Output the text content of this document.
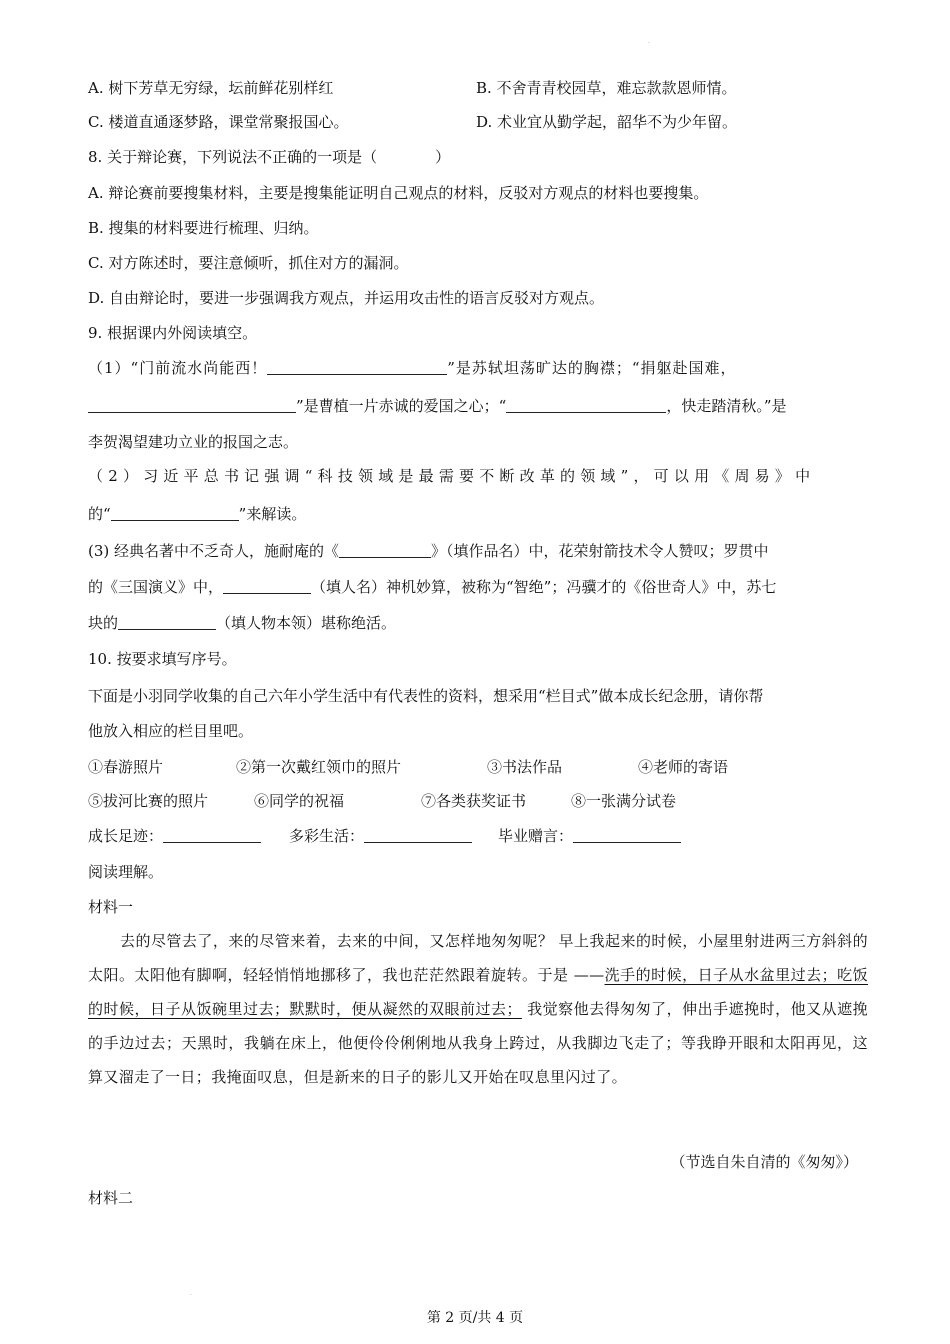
·
A. 树下芳草无穷绿，坛前鲜花别样红	B. 不舍青青校园草，难忘款款恩师情。
C. 楼道直通逐梦路，课堂常聚报国心。	D. 术业宜从勤学起，韶华不为少年留。
8. 关于辩论赛，下列说法不正确的一项是（	）
A. 辩论赛前要搜集材料，主要是搜集能证明自己观点的材料，反驳对方观点的材料也要搜集。
B. 搜集的材料要进行梳理、归纳。
C. 对方陈述时，要注意倾听，抓住对方的漏洞。
D. 自由辩论时，要进一步强调我方观点，并运用攻击性的语言反驳对方观点。
9. 根据课内外阅读填空。
（1）“门前流水尚能西！	”是苏轼坦荡旷达的胸襟；“捐躯赴国难，
”是曹植一片赤诚的爱国之心；“	，快走踏清秋。”是
李贺渴望建功立业的报国之志。
（2）习近平总书记强调“科技领域是最需要不断改革的领域”，可以用《周易》中
的“	”来解读。
(3) 经典名著中不乏奇人，施耐庵的《	》（填作品名）中，花荣射箭技术令人赞叹；罗贯中
的《三国演义》中，	（填人名）神机妙算，被称为“智绝”；冯骥才的《俗世奇人》中，苏七
块的	（填人物本领）堪称绝活。
10. 按要求填写序号。
下面是小羽同学收集的自己六年小学生活中有代表性的资料，想采用“栏目式”做本成长纪念册，请你帮
他放入相应的栏目里吧。
①春游照片	②第一次戴红领巾的照片	③书法作品	④老师的寄语
⑤拔河比赛的照片	⑥同学的祝福	⑦各类获奖证书	⑧一张满分试卷
成长足迹：	多彩生活：	毕业赠言：
阅读理解。
材料一
去的尽管去了，来的尽管来着，去来的中间，又怎样地匆匆呢？ 早上我起来的时候，小屋里射进两三方斜斜的太阳。太阳他有脚啊，轻轻悄悄地挪移了，我也茫茫然跟着旋转。于是 ——洗手的时候，日子从水盆里过去；吃饭的时候，日子从饭碗里过去；默默时，便从凝然的双眼前过去； 我觉察他去得匆匆了，伸出手遮挽时，他又从遮挽的手边过去；天黑时，我躺在床上，他便伶伶俐俐地从我身上跨过，从我脚边飞走了；等我睁开眼和太阳再见，这算又溜走了一日；我掩面叹息，但是新来的日子的影儿又开始在叹息里闪过了。
（节选自朱自清的《匆匆》）
材料二
·
第 2 页/共 4 页
